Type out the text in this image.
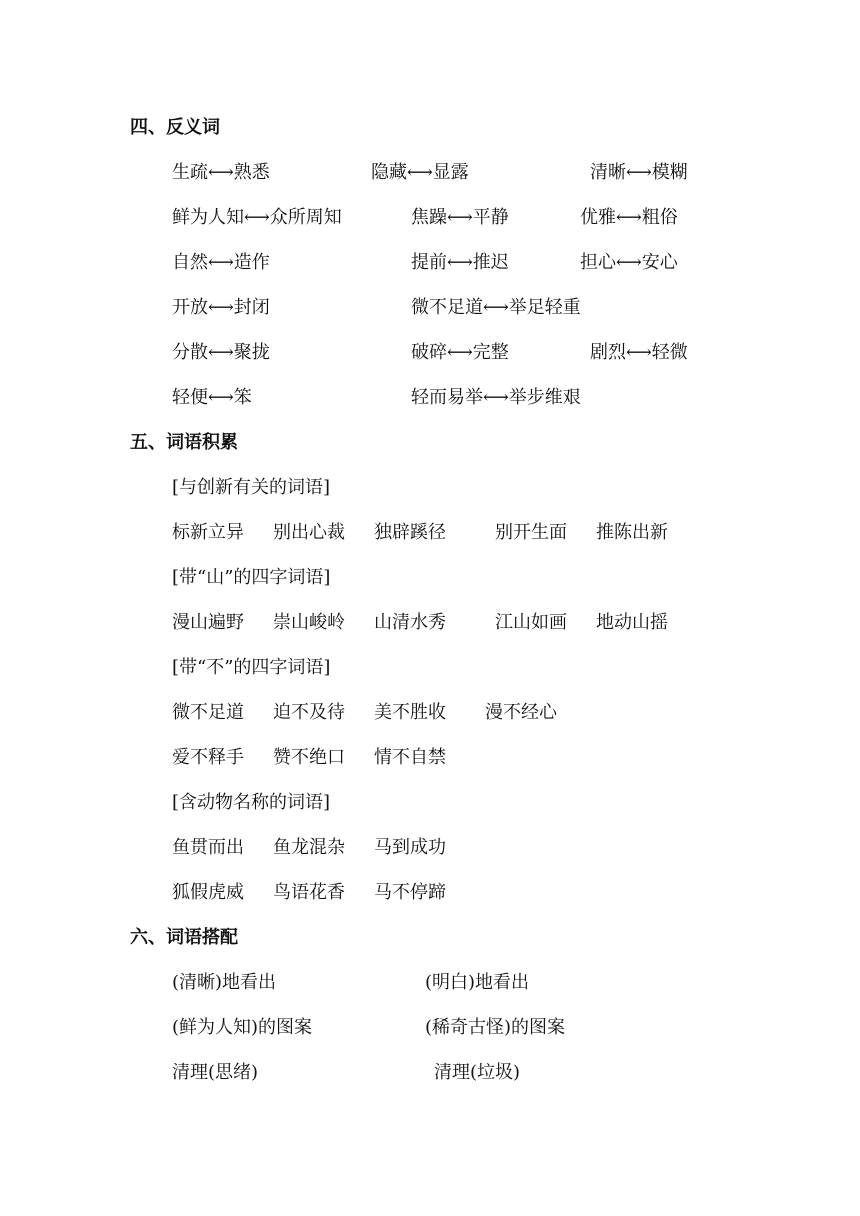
四、反义词
生疏⟷熟悉	隐藏⟷显露	清晰⟷模糊
鲜为人知⟷众所周知	焦躁⟷平静	优雅⟷粗俗
自然⟷造作	提前⟷推迟	担心⟷安心
开放⟷封闭	微不足道⟷举足轻重
分散⟷聚拢	破碎⟷完整	剧烈⟷轻微
轻便⟷笨	轻而易举⟷举步维艰
五、词语积累
[与创新有关的词语]
标新立异 别出心裁 独辟蹊径	别开生面 推陈出新
[带“山”的四字词语]
漫山遍野 崇山峻岭 山清水秀	江山如画 地动山摇
[带“不”的四字词语]
微不足道 迫不及待 美不胜收 漫不经心
爱不释手 赞不绝口 情不自禁
[含动物名称的词语]
鱼贯而出 鱼龙混杂 马到成功
狐假虎威 鸟语花香 马不停蹄
六、词语搭配
(清晰)地看出	(明白)地看出
(鲜为人知)的图案	(稀奇古怪)的图案
清理(思绪)	清理(垃圾)
